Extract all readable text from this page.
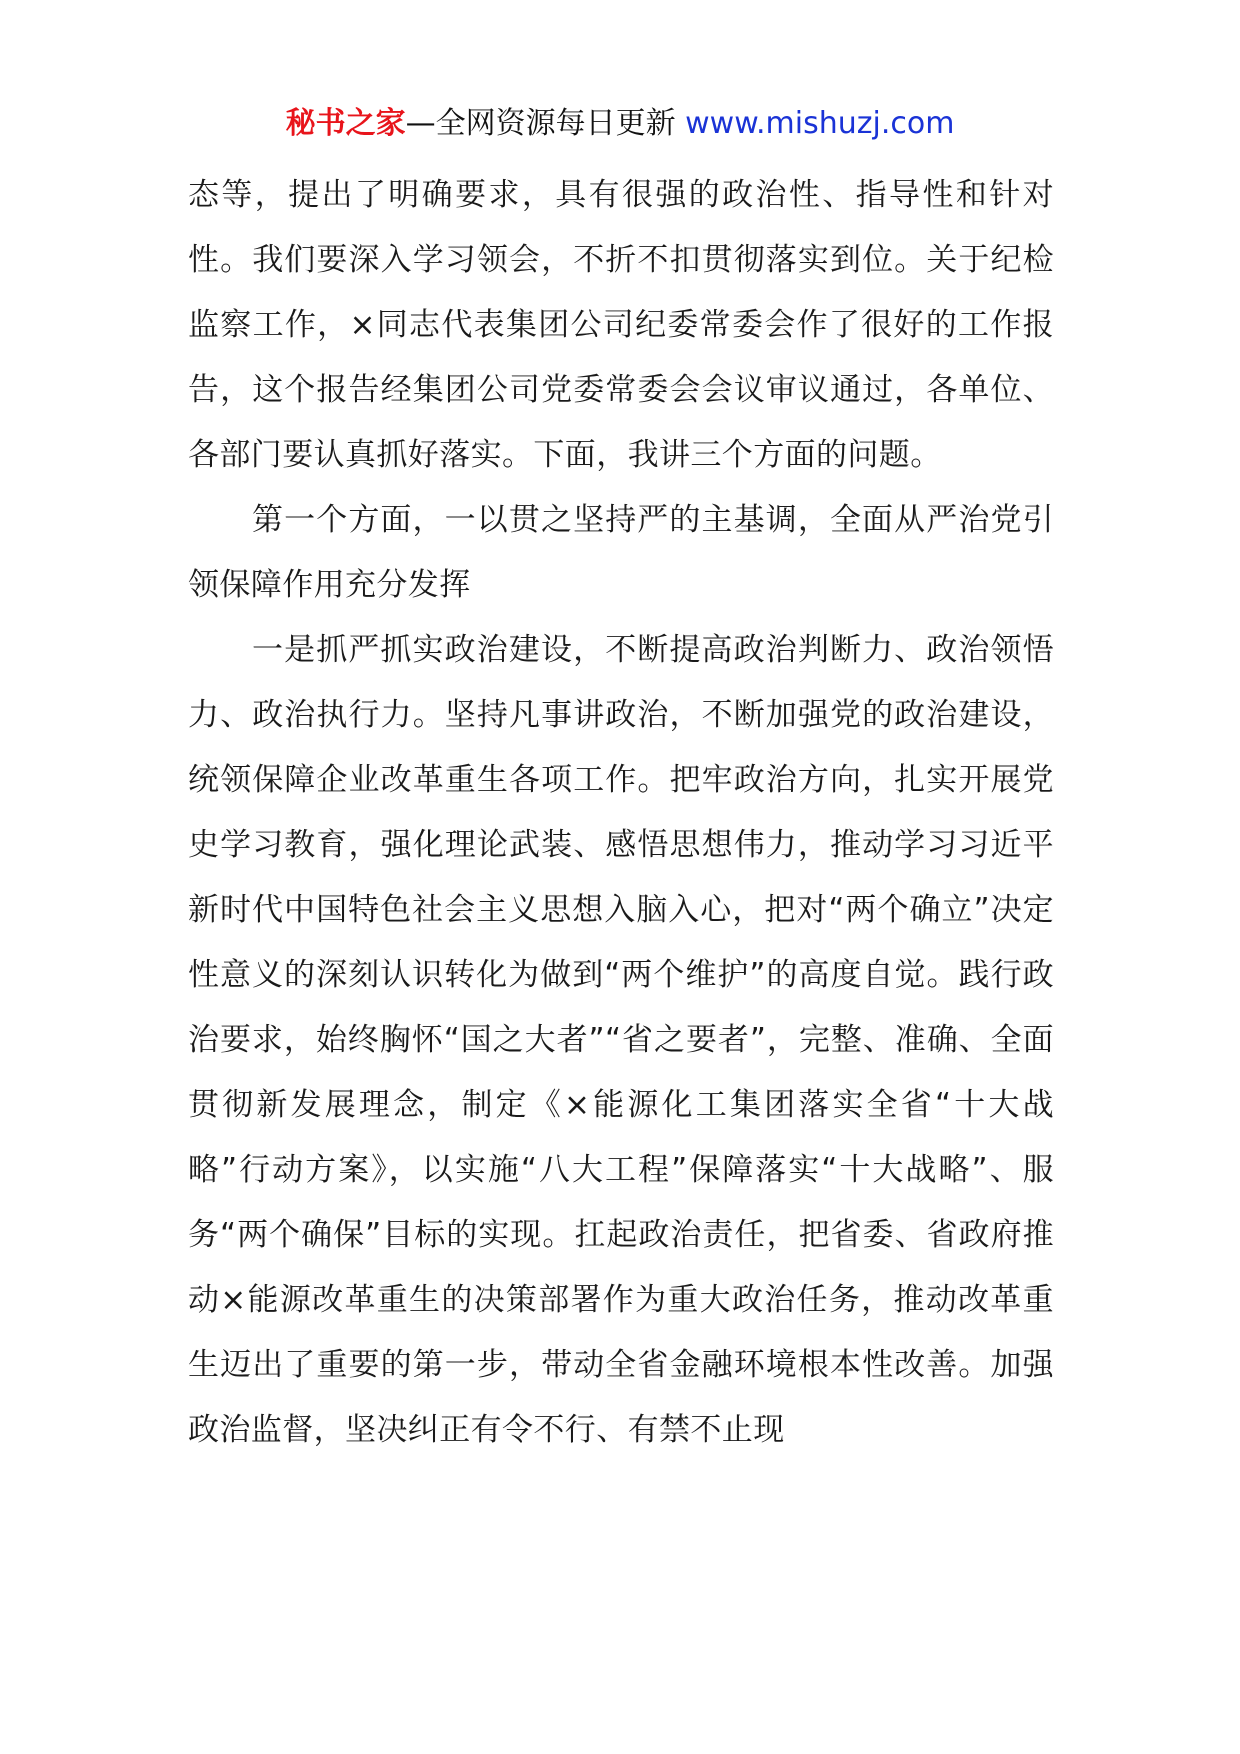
秘书之家—全网资源每日更新 www.mishuzj.com

态等，提出了明确要求，具有很强的政治性、指导性和针对性。我们要深入学习领会，不折不扣贯彻落实到位。关于纪检监察工作，×同志代表集团公司纪委常委会作了很好的工作报告，这个报告经集团公司党委常委会会议审议通过，各单位、各部门要认真抓好落实。下面，我讲三个方面的问题。

第一个方面，一以贯之坚持严的主基调，全面从严治党引领保障作用充分发挥

一是抓严抓实政治建设，不断提高政治判断力、政治领悟力、政治执行力。坚持凡事讲政治，不断加强党的政治建设，统领保障企业改革重生各项工作。把牢政治方向，扎实开展党史学习教育，强化理论武装、感悟思想伟力，推动学习习近平新时代中国特色社会主义思想入脑入心，把对“两个确立”决定性意义的深刻认识转化为做到“两个维护”的高度自觉。践行政治要求，始终胸怀“国之大者”“省之要者”，完整、准确、全面贯彻新发展理念，制定《×能源化工集团落实全省“十大战略”行动方案》，以实施“八大工程”保障落实“十大战略”、服务“两个确保”目标的实现。扛起政治责任，把省委、省政府推动×能源改革重生的决策部署作为重大政治任务，推动改革重生迈出了重要的第一步，带动全省金融环境根本性改善。加强政治监督，坚决纠正有令不行、有禁不止现
